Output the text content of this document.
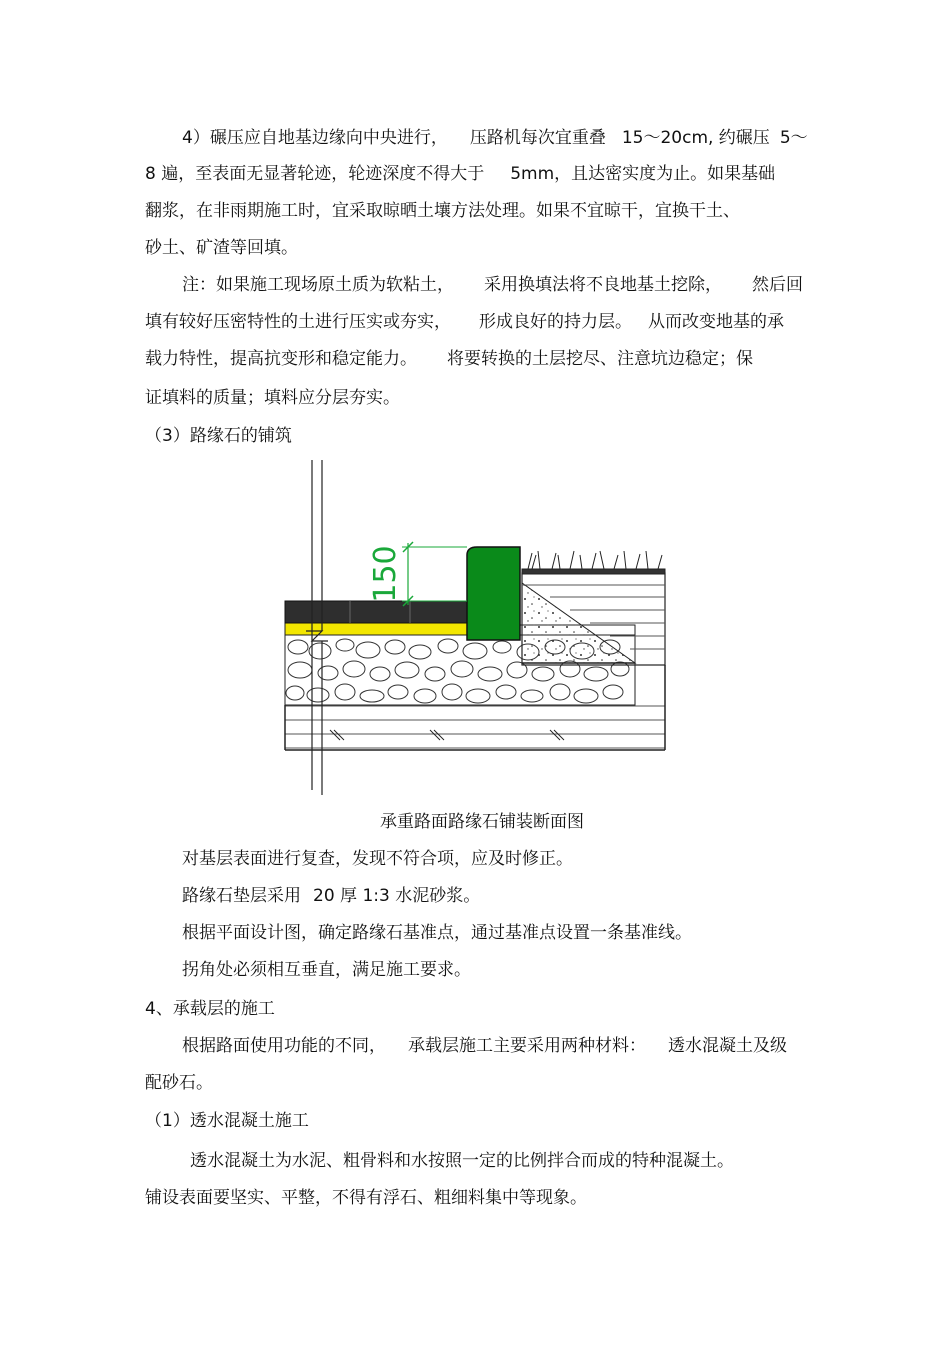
4）碾压应自地基边缘向中央进行， 压路机每次宜重叠 15～20cm, 约碾压 5～
8 遍，至表面无显著轮迹，轮迹深度不得大于 5mm，且达密实度为止。如果基础
翻浆，在非雨期施工时，宜采取晾晒土壤方法处理。如果不宜晾干，宜换干土、
砂土、矿渣等回填。
注：如果施工现场原土质为软粘土， 采用换填法将不良地基土挖除， 然后回
填有较好压密特性的土进行压实或夯实， 形成良好的持力层。 从而改变地基的承
载力特性，提高抗变形和稳定能力。 将要转换的土层挖尽、注意坑边稳定；保
证填料的质量；填料应分层夯实。
（3）路缘石的铺筑
150
承重路面路缘石铺装断面图
对基层表面进行复查，发现不符合项，应及时修正。
路缘石垫层采用 20 厚 1:3 水泥砂浆。
根据平面设计图，确定路缘石基准点，通过基准点设置一条基准线。
拐角处必须相互垂直，满足施工要求。
4、承载层的施工
根据路面使用功能的不同， 承载层施工主要采用两种材料： 透水混凝土及级
配砂石。
（1）透水混凝土施工
透水混凝土为水泥、粗骨料和水按照一定的比例拌合而成的特种混凝土。
铺设表面要坚实、平整，不得有浮石、粗细料集中等现象。
